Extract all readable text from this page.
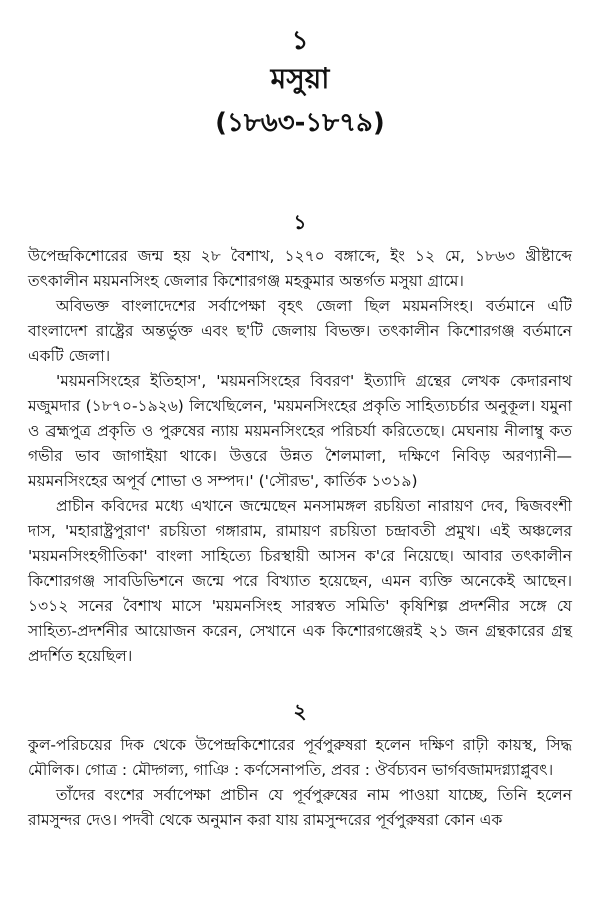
১

মসুয়া

(১৮৬৩-১৮৭৯)

১

উপেন্দ্রকিশোরের জন্ম হয় ২৮ বৈশাখ, ১২৭০ বঙ্গাব্দে, ইং ১২ মে, ১৮৬৩ খ্রীষ্টাব্দে তৎকালীন ময়মনসিংহ জেলার কিশোরগঞ্জ মহকুমার অন্তর্গত মসুয়া গ্রামে।

অবিভক্ত বাংলাদেশের সর্বাপেক্ষা বৃহৎ জেলা ছিল ময়মনসিংহ। বর্তমানে এটি বাংলাদেশ রাষ্ট্রের অন্তর্ভুক্ত এবং ছ'টি জেলায় বিভক্ত। তৎকালীন কিশোরগঞ্জ বর্তমানে একটি জেলা।

'ময়মনসিংহের ইতিহাস', 'ময়মনসিংহের বিবরণ' ইত্যাদি গ্রন্থের লেখক কেদারনাথ মজুমদার (১৮৭০-১৯২৬) লিখেছিলেন, 'ময়মনসিংহের প্রকৃতি সাহিত্যচর্চার অনুকূল। যমুনা ও ব্রহ্মপুত্র প্রকৃতি ও পুরুষের ন্যায় ময়মনসিংহের পরিচর্যা করিতেছে। মেঘনায় নীলাম্বু কত গভীর ভাব জাগাইয়া থাকে। উত্তরে উন্নত শৈলমালা, দক্ষিণে নিবিড় অরণ্যানী—ময়মনসিংহের অপূর্ব শোভা ও সম্পদ।' ('সৌরভ', কার্তিক ১৩১৯)

প্রাচীন কবিদের মধ্যে এখানে জন্মেছেন মনসামঙ্গল রচয়িতা নারায়ণ দেব, দ্বিজবংশী দাস, 'মহারাষ্ট্রপুরাণ' রচয়িতা গঙ্গারাম, রামায়ণ রচয়িতা চন্দ্রাবতী প্রমুখ। এই অঞ্চলের 'ময়মনসিংহগীতিকা' বাংলা সাহিত্যে চিরস্থায়ী আসন ক'রে নিয়েছে। আবার তৎকালীন কিশোরগঞ্জ সাবডিভিশনে জন্মে পরে বিখ্যাত হয়েছেন, এমন ব্যক্তি অনেকেই আছেন। ১৩১২ সনের বৈশাখ মাসে 'ময়মনসিংহ সারস্বত সমিতি' কৃষিশিল্প প্রদর্শনীর সঙ্গে যে সাহিত্য-প্রদর্শনীর আয়োজন করেন, সেখানে এক কিশোরগঞ্জেরই ২১ জন গ্রন্থকারের গ্রন্থ প্রদর্শিত হয়েছিল।

২

কুল-পরিচয়ের দিক থেকে উপেন্দ্রকিশোরের পূর্বপুরুষরা হলেন দক্ষিণ রাঢ়ী কায়স্থ, সিদ্ধ মৌলিক। গোত্র : মৌদ্গল্য, গাঞি : কর্ণসেনাপতি, প্রবর : ঔর্বচ্যবন ভার্গবজামদগ্ন্যাপ্লুবৎ।

তাঁদের বংশের সর্বাপেক্ষা প্রাচীন যে পূর্বপুরুষের নাম পাওয়া যাচ্ছে, তিনি হলেন রামসুন্দর দেও। পদবী থেকে অনুমান করা যায় রামসুন্দরের পূর্বপুরুষরা কোন এক
